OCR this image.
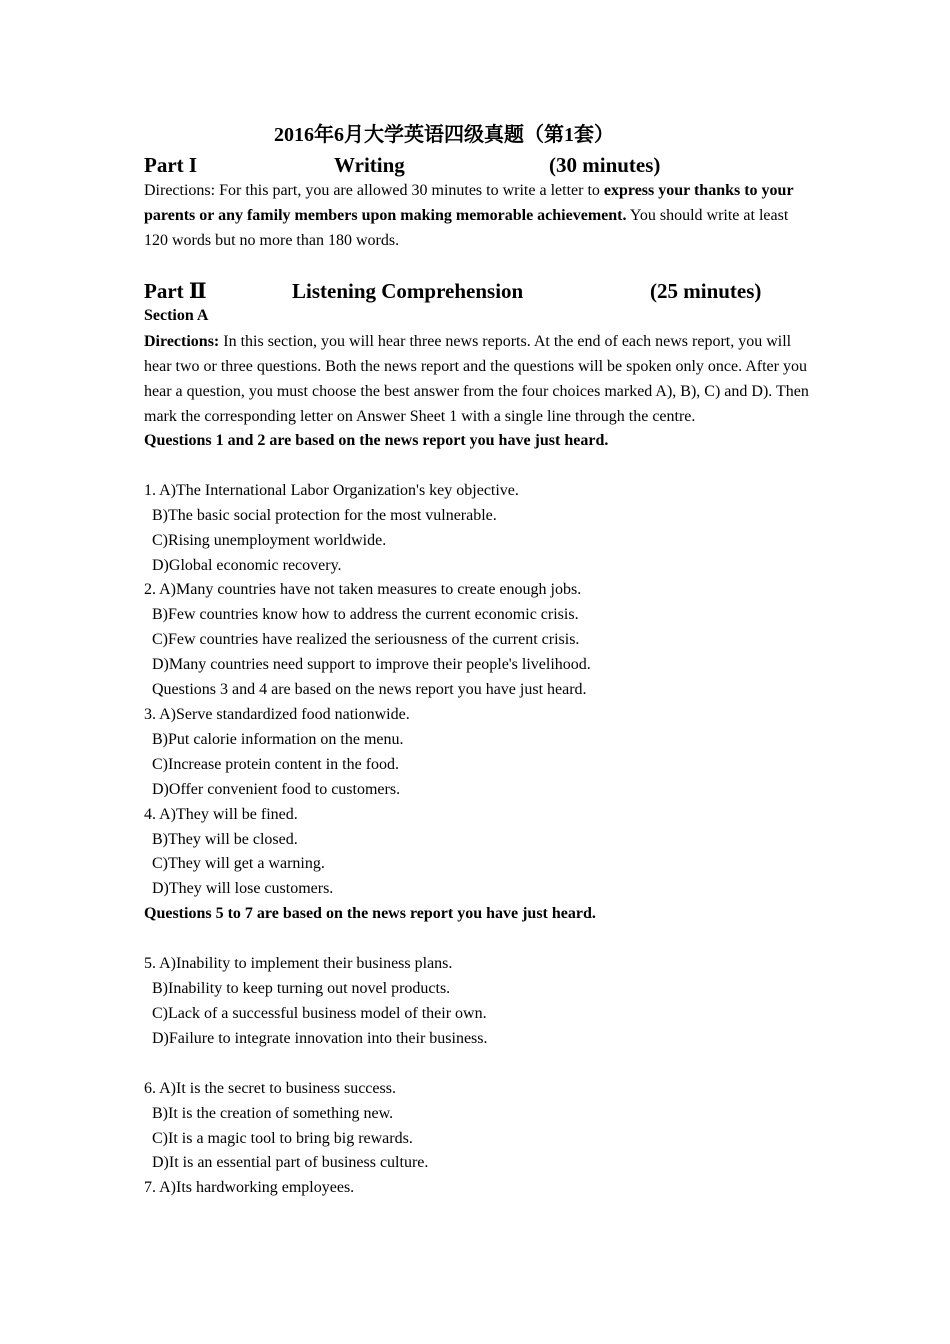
2016年6月大学英语四级真题（第1套）
Part I	Writing	(30 minutes)
Directions: For this part, you are allowed 30 minutes to write a letter to express your thanks to your parents or any family members upon making memorable achievement. You should write at least 120 words but no more than 180 words.
Part Ⅱ	Listening Comprehension	(25 minutes)
Section A
Directions: In this section, you will hear three news reports. At the end of each news report, you will hear two or three questions. Both the news report and the questions will be spoken only once. After you hear a question, you must choose the best answer from the four choices marked A), B), C) and D). Then mark the corresponding letter on Answer Sheet 1 with a single line through the centre.
Questions 1 and 2 are based on the news report you have just heard.
1. A)The International Labor Organization's key objective.
B)The basic social protection for the most vulnerable.
C)Rising unemployment worldwide.
D)Global economic recovery.
2. A)Many countries have not taken measures to create enough jobs.
B)Few countries know how to address the current economic crisis.
C)Few countries have realized the seriousness of the current crisis.
D)Many countries need support to improve their people's livelihood.
Questions 3 and 4 are based on the news report you have just heard.
3. A)Serve standardized food nationwide.
B)Put calorie information on the menu.
C)Increase protein content in the food.
D)Offer convenient food to customers.
4. A)They will be fined.
B)They will be closed.
C)They will get a warning.
D)They will lose customers.
Questions 5 to 7 are based on the news report you have just heard.
5. A)Inability to implement their business plans.
B)Inability to keep turning out novel products.
C)Lack of a successful business model of their own.
D)Failure to integrate innovation into their business.
6. A)It is the secret to business success.
B)It is the creation of something new.
C)It is a magic tool to bring big rewards.
D)It is an essential part of business culture.
7. A)Its hardworking employees.
